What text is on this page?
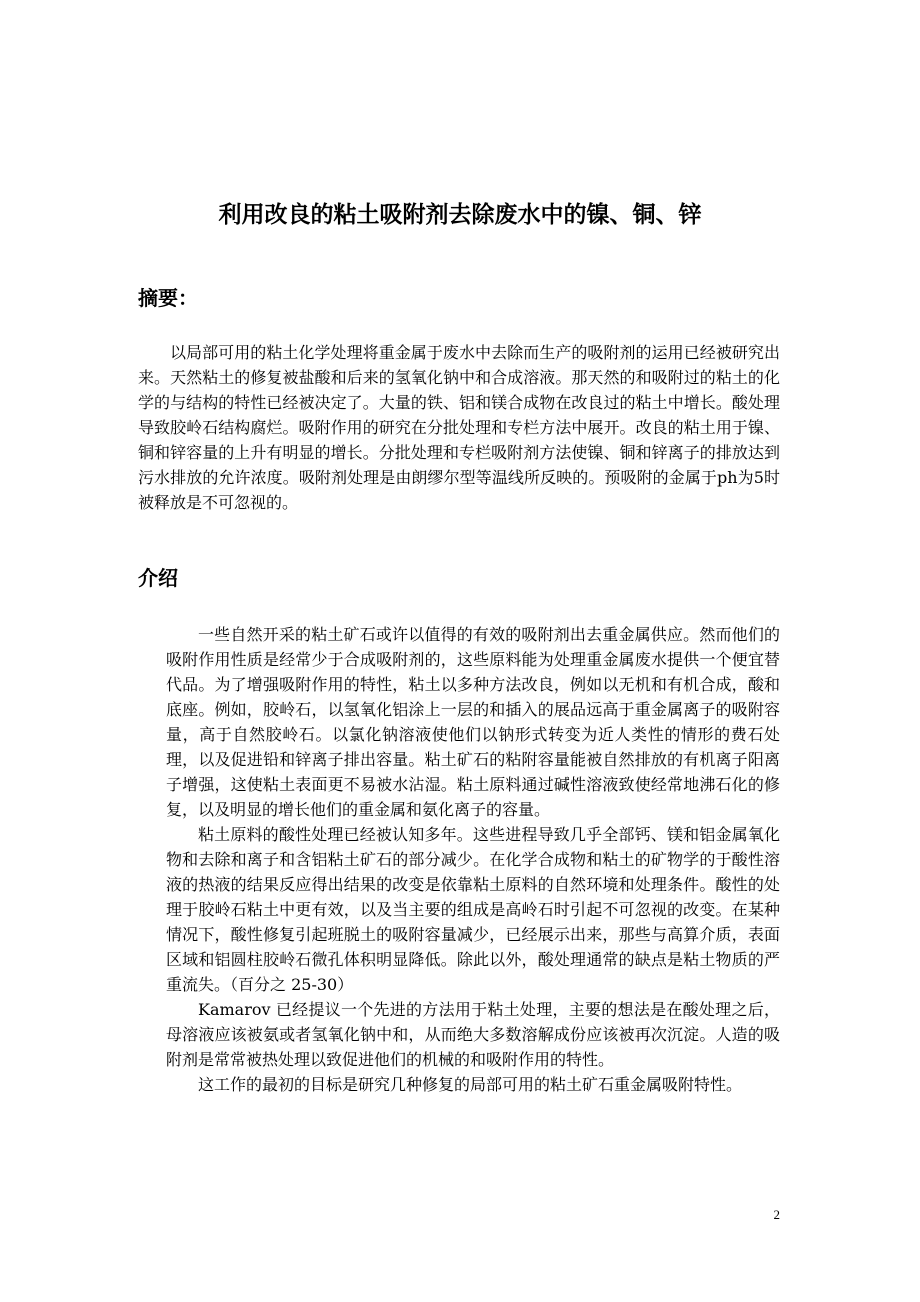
利用改良的粘土吸附剂去除废水中的镍、铜、锌
摘要：

以局部可用的粘土化学处理将重金属于废水中去除而生产的吸附剂的运用已经被研究出来。天然粘土的修复被盐酸和后来的氢氧化钠中和合成溶液。那天然的和吸附过的粘土的化学的与结构的特性已经被决定了。大量的铁、铝和镁合成物在改良过的粘土中增长。酸处理导致胶岭石结构腐烂。吸附作用的研究在分批处理和专栏方法中展开。改良的粘土用于镍、铜和锌容量的上升有明显的增长。分批处理和专栏吸附剂方法使镍、铜和锌离子的排放达到污水排放的允许浓度。吸附剂处理是由朗缪尔型等温线所反映的。预吸附的金属于ph为5时被释放是不可忽视的。

介绍

一些自然开采的粘土矿石或许以值得的有效的吸附剂出去重金属供应。然而他们的吸附作用性质是经常少于合成吸附剂的，这些原料能为处理重金属废水提供一个便宜替代品。为了增强吸附作用的特性，粘土以多种方法改良，例如以无机和有机合成，酸和底座。例如，胶岭石，以氢氧化铝涂上一层的和插入的展品远高于重金属离子的吸附容量，高于自然胶岭石。以氯化钠溶液使他们以钠形式转变为近人类性的情形的费石处理，以及促进铅和锌离子排出容量。粘土矿石的粘附容量能被自然排放的有机离子阳离子增强，这使粘土表面更不易被水沾湿。粘土原料通过碱性溶液致使经常地沸石化的修复，以及明显的增长他们的重金属和氨化离子的容量。

粘土原料的酸性处理已经被认知多年。这些进程导致几乎全部钙、镁和铝金属氧化物和去除和离子和含铝粘土矿石的部分减少。在化学合成物和粘土的矿物学的于酸性溶液的热液的结果反应得出结果的改变是依靠粘土原料的自然环境和处理条件。酸性的处理于胶岭石粘土中更有效，以及当主要的组成是高岭石时引起不可忽视的改变。在某种情况下，酸性修复引起班脱土的吸附容量减少，已经展示出来，那些与高算介质，表面区域和铝圆柱胶岭石微孔体积明显降低。除此以外，酸处理通常的缺点是粘土物质的严重流失。（百分之 25-30）

Kamarov 已经提议一个先进的方法用于粘土处理，主要的想法是在酸处理之后，母溶液应该被氨或者氢氧化钠中和，从而绝大多数溶解成份应该被再次沉淀。人造的吸附剂是常常被热处理以致促进他们的机械的和吸附作用的特性。

这工作的最初的目标是研究几种修复的局部可用的粘土矿石重金属吸附特性。

2
